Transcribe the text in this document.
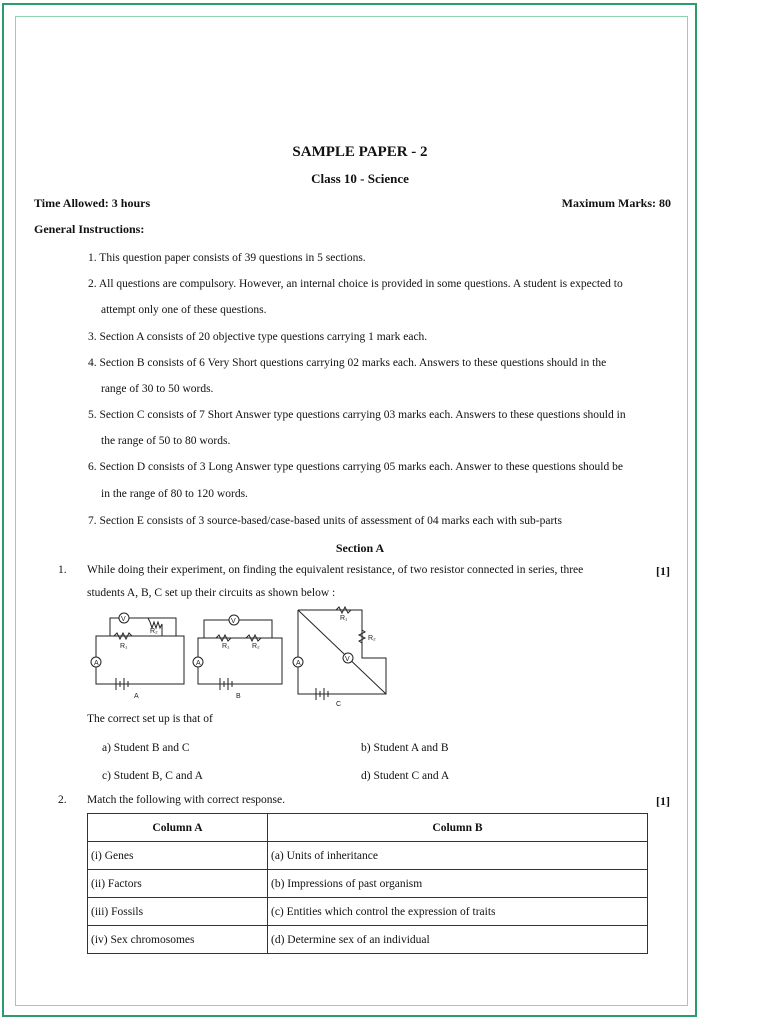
SAMPLE PAPER - 2
Class 10 - Science
Time Allowed: 3 hours	Maximum Marks: 80
General Instructions:
1. This question paper consists of 39 questions in 5 sections.
2. All questions are compulsory. However, an internal choice is provided in some questions. A student is expected to
attempt only one of these questions.
3. Section A consists of 20 objective type questions carrying 1 mark each.
4. Section B consists of 6 Very Short questions carrying 02 marks each. Answers to these questions should in the
range of 30 to 50 words.
5. Section C consists of 7 Short Answer type questions carrying 03 marks each. Answers to these questions should in
the range of 50 to 80 words.
6. Section D consists of 3 Long Answer type questions carrying 05 marks each. Answer to these questions should be
in the range of 80 to 120 words.
7. Section E consists of 3 source-based/case-based units of assessment of 04 marks each with sub-parts
Section A
1. While doing their experiment, on finding the equivalent resistance, of two resistor connected in series, three	[1]
students A, B, C set up their circuits as shown below :
V
A
R₂
R₁
A
V
A
R₁	R₂
B
V
A
R₁
R₂
C
The correct set up is that of
a) Student B and C	b) Student A and B
c) Student B, C and A	d) Student C and A
2. Match the following with correct response.	[1]
Column A	Column B
(i) Genes	(a) Units of inheritance
(ii) Factors	(b) Impressions of past organism
(iii) Fossils	(c) Entities which control the expression of traits
(iv) Sex chromosomes	(d) Determine sex of an individual
